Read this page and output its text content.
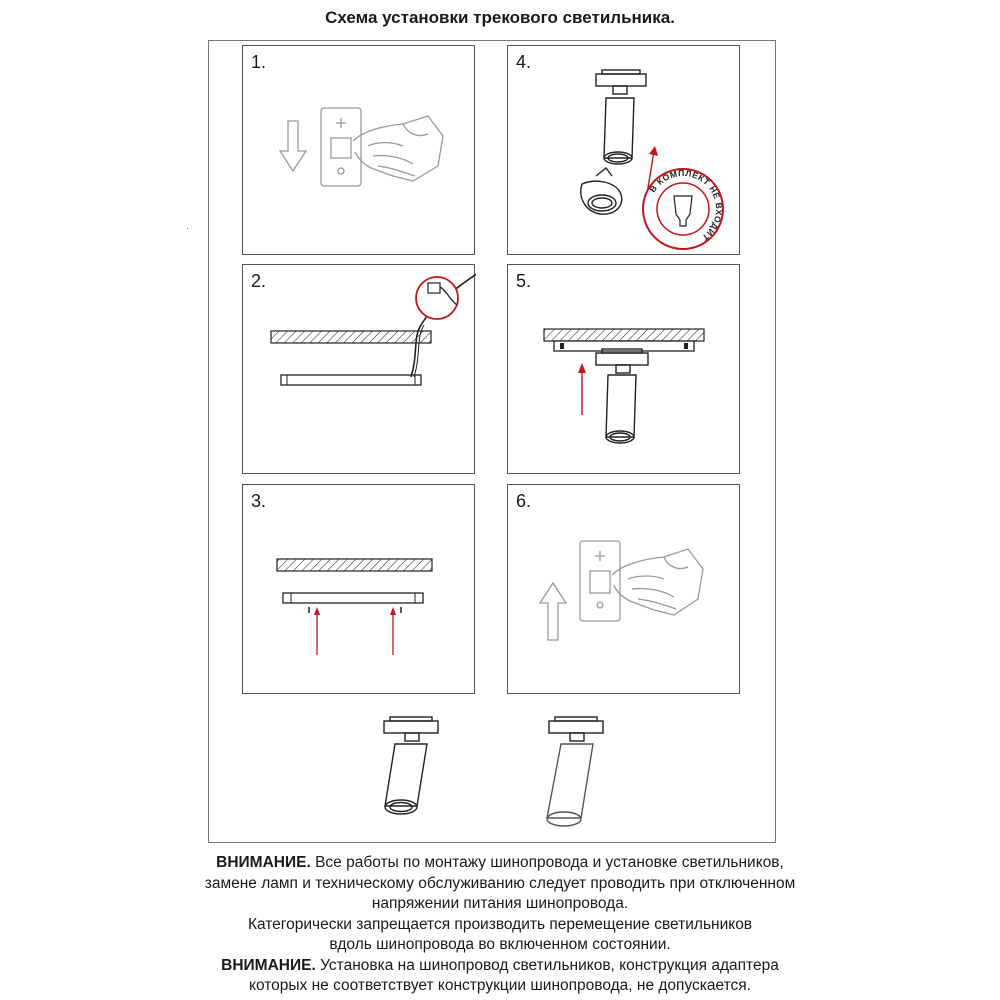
Схема установки трекового светильника.
1.	4.
В КОМПЛЕКТ НЕ ВХОДИТ
2.	5.
3.	6.
ВНИМАНИЕ. Все работы по монтажу шинопровода и установке светильников,
замене ламп и техническому обслуживанию следует проводить при отключенном
напряжении питания шинопровода.
Категорически запрещается производить перемещение светильников
вдоль шинопровода во включенном состоянии.
ВНИМАНИЕ. Установка на шинопровод светильников, конструкция адаптера
которых не соответствует конструкции шинопровода, не допускается.
